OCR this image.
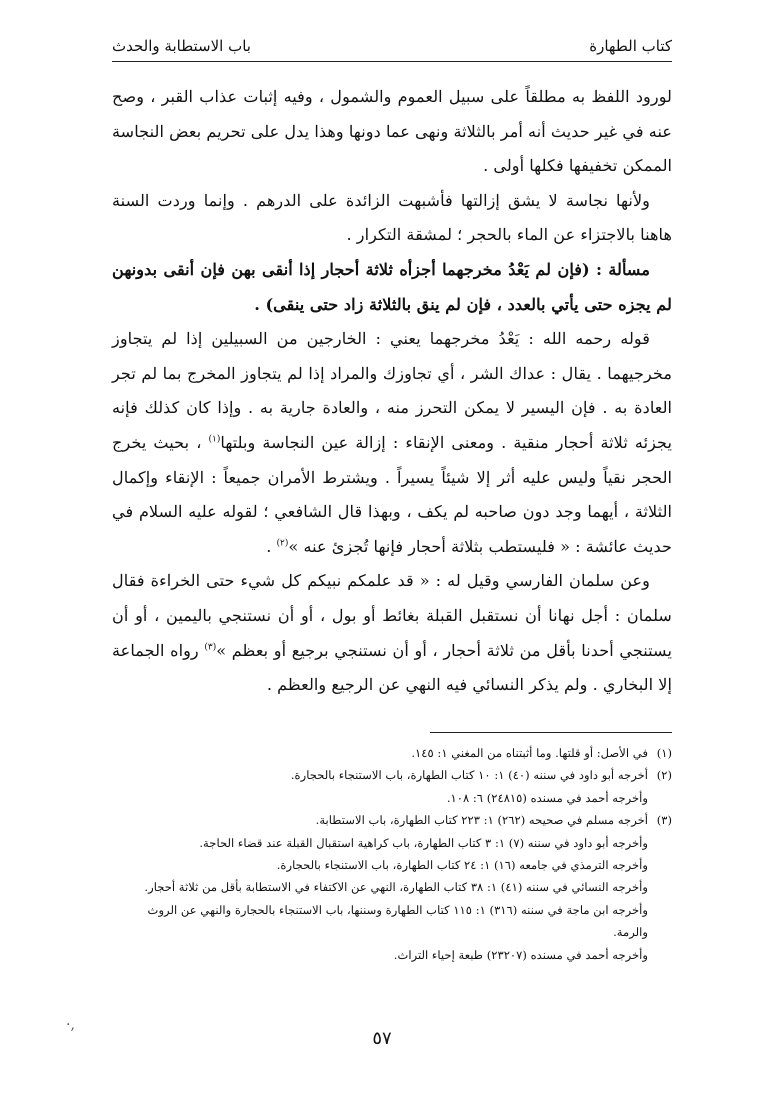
كتاب الطهارة
باب الاستطابة والحدث

لورود اللفظ به مطلقاً على سبيل العموم والشمول ، وفيه إثبات عذاب القبر ، وصح عنه في غير حديث أنه أمر بالثلاثة ونهى عما دونها وهذا يدل على تحريم بعض النجاسة الممكن تخفيفها فكلها أولى .

ولأنها نجاسة لا يشق إزالتها فأشبهت الزائدة على الدرهم . وإنما وردت السنة هاهنا بالاجتزاء عن الماء بالحجر ؛ لمشقة التكرار .

مسألة : (فإن لم يَعْدُ مخرجهما أجزأه ثلاثة أحجار إذا أنقى بهن فإن أنقى بدونهن لم يجزه حتى يأتي بالعدد ، فإن لم ينق بالثلاثة زاد حتى ينقى) .

قوله رحمه الله : يَعْدُ مخرجهما يعني : الخارجين من السبيلين إذا لم يتجاوز مخرجيهما . يقال : عداك الشر ، أي تجاوزك والمراد إذا لم يتجاوز المخرج بما لم تجر العادة به . فإن اليسير لا يمكن التحرز منه ، والعادة جارية به . وإذا كان كذلك فإنه يجزئه ثلاثة أحجار منقية . ومعنى الإنقاء : إزالة عين النجاسة وبلتها$^{(١)}$ ، بحيث يخرج الحجر نقياً وليس عليه أثر إلا شيئاً يسيراً . ويشترط الأمران جميعاً : الإنقاء وإكمال الثلاثة ، أيهما وجد دون صاحبه لم يكف ، وبهذا قال الشافعي ؛ لقوله عليه السلام في حديث عائشة : « فليستطب بثلاثة أحجار فإنها تُجزئ عنه »$^{(٢)}$ .

وعن سلمان الفارسي وقيل له : « قد علمكم نبيكم كل شيء حتى الخراءة فقال سلمان : أجل نهانا أن نستقبل القبلة بغائط أو بول ، أو أن نستنجي باليمين ، أو أن يستنجي أحدنا بأقل من ثلاثة أحجار ، أو أن نستنجي برجيع أو بعظم »$^{(٣)}$ رواه الجماعة إلا البخاري . ولم يذكر النسائي فيه النهي عن الرجيع والعظم .

(١)
في الأصل: أو قلتها. وما أثبتناه من المغني ١: ١٤٥.
(٢)
أخرجه أبو داود في سننه (٤٠) ١: ١٠ كتاب الطهارة، باب الاستنجاء بالحجارة.
وأخرجه أحمد في مسنده (٢٤٨١٥) ٦: ١٠٨.
(٣)
أخرجه مسلم في صحيحه (٢٦٢) ١: ٢٢٣ كتاب الطهارة، باب الاستطابة.
وأخرجه أبو داود في سننه (٧) ١: ٣ كتاب الطهارة، باب كراهية استقبال القبلة عند قضاء الحاجة.
وأخرجه الترمذي في جامعه (١٦) ١: ٢٤ كتاب الطهارة، باب الاستنجاء بالحجارة.
وأخرجه النسائي في سننه (٤١) ١: ٣٨ كتاب الطهارة، النهي عن الاكتفاء في الاستطابة بأقل من ثلاثة أحجار.
وأخرجه ابن ماجة في سننه (٣١٦) ١: ١١٥ كتاب الطهارة وسننها، باب الاستنجاء بالحجارة والنهي عن الروث والرمة.
وأخرجه أحمد في مسنده (٢٣٢٠٧) طبعة إحياء التراث.
٥٧
·,
